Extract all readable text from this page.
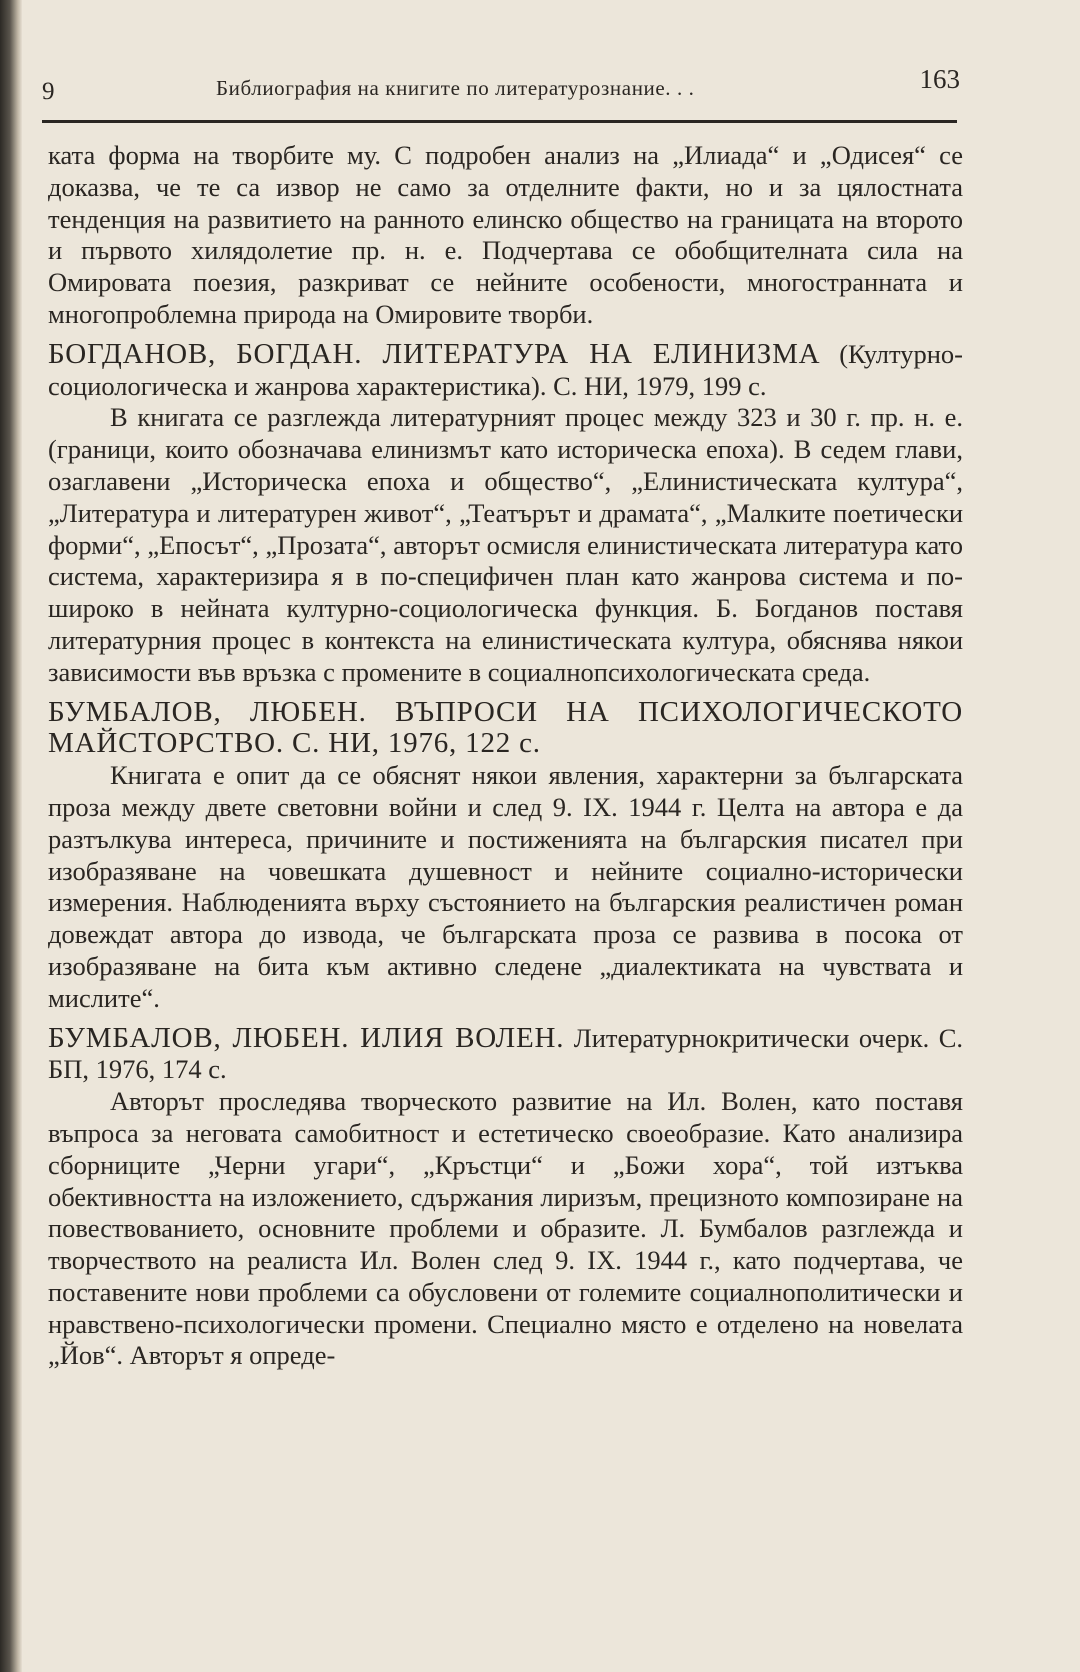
9	Библиография на книгите по литературознание. . .	163

ката форма на творбите му. С подробен анализ на „Илиада“ и „Одисея“ се доказва, че те са извор не само за отделните факти, но и за цялостната тенденция на развитието на ранното елинско общество на границата на второто и първото хилядолетие пр. н. е. Подчертава се обобщителната сила на Омировата поезия, разкриват се нейните особености, многостранната и многопроблемна природа на Омировите творби.

БОГДАНОВ, БОГДАН. ЛИТЕРАТУРА НА ЕЛИНИЗМА (Културно-социологическа и жанрова характеристика). С. НИ, 1979, 199 с.

В книгата се разглежда литературният процес между 323 и 30 г. пр. н. е. (граници, които обозначава елинизмът като историческа епоха). В седем глави, озаглавени „Историческа епоха и общество“, „Елинистическата култура“, „Литература и литературен живот“, „Театърът и драмата“, „Малките поетически форми“, „Епосът“, „Прозата“, авторът осмисля елинистическата литература като система, характеризира я в по-специфичен план като жанрова система и по-широко в нейната културно-социологическа функция. Б. Богданов поставя литературния процес в контекста на елинистическата култура, обяснява някои зависимости във връзка с промените в социалнопсихологическата среда.

БУМБАЛОВ, ЛЮБЕН. ВЪПРОСИ НА ПСИХОЛОГИЧЕСКОТО МАЙСТОРСТВО. С. НИ, 1976, 122 с.

Книгата е опит да се обяснят някои явления, характерни за българската проза между двете световни войни и след 9. IX. 1944 г. Целта на автора е да разтълкува интереса, причините и постиженията на българския писател при изобразяване на човешката душевност и нейните социално-исторически измерения. Наблюденията върху състоянието на българския реалистичен роман довеждат автора до извода, че българската проза се развива в посока от изобразяване на бита към активно следене „диалектиката на чувствата и мислите“.

БУМБАЛОВ, ЛЮБЕН. ИЛИЯ ВОЛЕН. Литературнокритически очерк. С. БП, 1976, 174 с.

Авторът проследява творческото развитие на Ил. Волен, като поставя въпроса за неговата самобитност и естетическо своеобразие. Като анализира сборниците „Черни угари“, „Кръстци“ и „Божи хора“, той изтъква обективността на изложението, сдържания лиризъм, прецизното композиране на повествованието, основните проблеми и образите. Л. Бумбалов разглежда и творчеството на реалиста Ил. Волен след 9. IX. 1944 г., като подчертава, че поставените нови проблеми са обусловени от големите социалнополитически и нравствено-психологически промени. Специално място е отделено на новелата „Йов“. Авторът я опреде-
